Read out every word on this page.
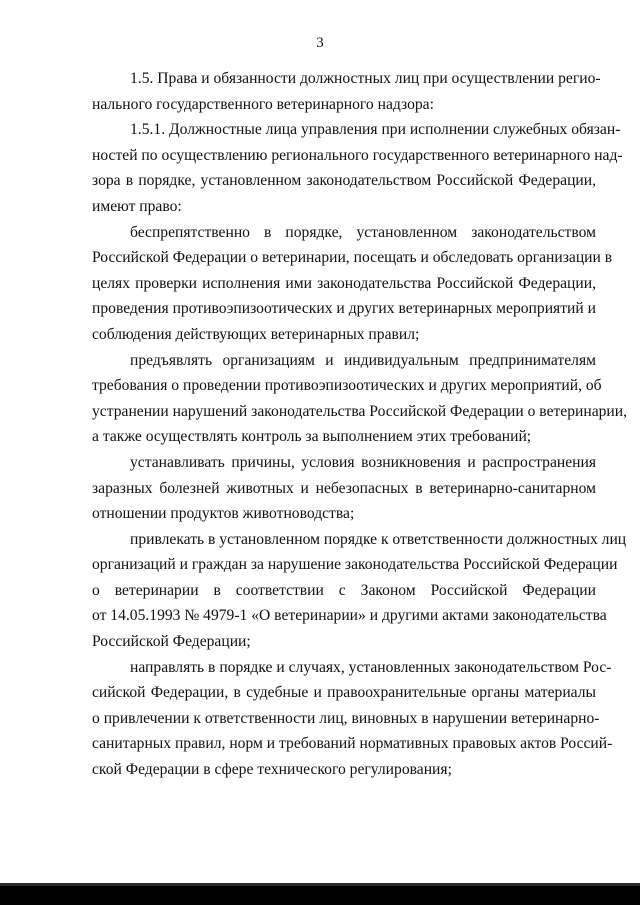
3
1.5. Права и обязанности должностных лиц при осуществлении регио-
нального государственного ветеринарного надзора:
1.5.1. Должностные лица управления при исполнении служебных обязан-
ностей по осуществлению регионального государственного ветеринарного над-
зора в порядке, установленном законодательством Российской Федерации,
имеют право:
беспрепятственно в порядке, установленном законодательством
Российской Федерации о ветеринарии, посещать и обследовать организации в
целях проверки исполнения ими законодательства Российской Федерации,
проведения противоэпизоотических и других ветеринарных мероприятий и
соблюдения действующих ветеринарных правил;
предъявлять организациям и индивидуальным предпринимателям
требования о проведении противоэпизоотических и других мероприятий, об
устранении нарушений законодательства Российской Федерации о ветеринарии,
а также осуществлять контроль за выполнением этих требований;
устанавливать причины, условия возникновения и распространения
заразных болезней животных и небезопасных в ветеринарно-санитарном
отношении продуктов животноводства;
привлекать в установленном порядке к ответственности должностных лиц
организаций и граждан за нарушение законодательства Российской Федерации
о ветеринарии в соответствии с Законом Российской Федерации
от 14.05.1993 № 4979-1 «О ветеринарии» и другими актами законодательства
Российской Федерации;
направлять в порядке и случаях, установленных законодательством Рос-
сийской Федерации, в судебные и правоохранительные органы материалы
о привлечении к ответственности лиц, виновных в нарушении ветеринарно-
санитарных правил, норм и требований нормативных правовых актов Россий-
ской Федерации в сфере технического регулирования;
